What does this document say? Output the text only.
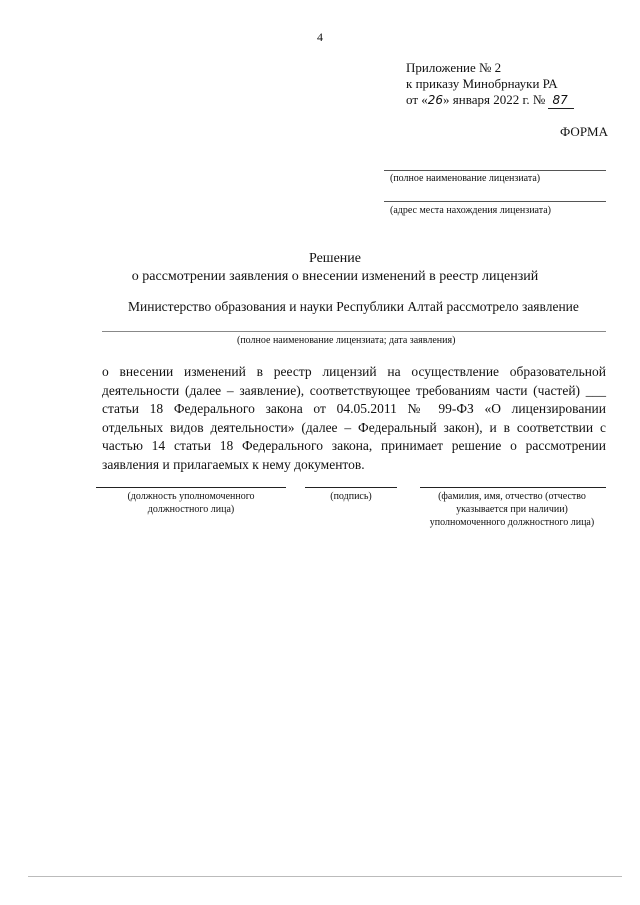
4
Приложение № 2
к приказу Минобрнауки РА
от «26» января 2022 г. № 87
ФОРМА
(полное наименование лицензиата)
(адрес места нахождения лицензиата)
Решение
о рассмотрении заявления о внесении изменений в реестр лицензий
Министерство образования и науки Республики Алтай рассмотрело заявление
(полное наименование лицензиата; дата заявления)
о внесении изменений в реестр лицензий на осуществление образовательной
деятельности (далее – заявление), соответствующее требованиям части (частей) ___
статьи 18 Федерального закона от 04.05.2011 № 99-ФЗ «О лицензировании
отдельных видов деятельности» (далее – Федеральный закон), и в соответствии с
частью 14 статьи 18 Федерального закона, принимает решение о рассмотрении
заявления и прилагаемых к нему документов.
(должность уполномоченного
должностного лица)
(подпись)	(фамилия, имя, отчество (отчество
указывается при наличии)
уполномоченного должностного лица)
